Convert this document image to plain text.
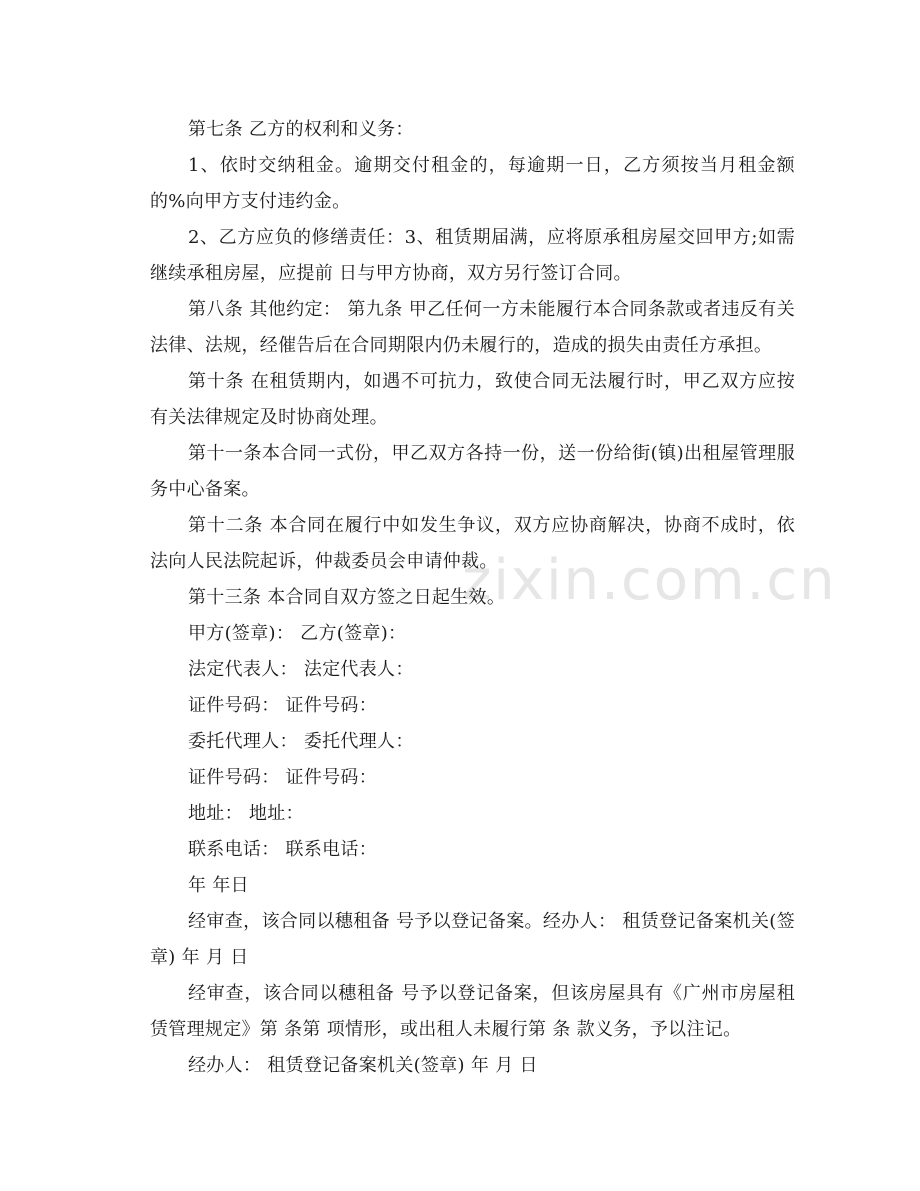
zixin.com.cn

第七条 乙方的权利和义务：

1、依时交纳租金。逾期交付租金的，每逾期一日，乙方须按当月租金额的%向甲方支付违约金。

2、乙方应负的修缮责任：3、租赁期届满，应将原承租房屋交回甲方;如需继续承租房屋，应提前 日与甲方协商，双方另行签订合同。

第八条 其他约定： 第九条 甲乙任何一方未能履行本合同条款或者违反有关法律、法规，经催告后在合同期限内仍未履行的，造成的损失由责任方承担。

第十条 在租赁期内，如遇不可抗力，致使合同无法履行时，甲乙双方应按有关法律规定及时协商处理。

第十一条本合同一式份，甲乙双方各持一份，送一份给街(镇)出租屋管理服务中心备案。

第十二条 本合同在履行中如发生争议，双方应协商解决，协商不成时，依法向人民法院起诉，仲裁委员会申请仲裁。

第十三条 本合同自双方签之日起生效。

甲方(签章)： 乙方(签章)：

法定代表人： 法定代表人：

证件号码： 证件号码：

委托代理人： 委托代理人：

证件号码： 证件号码：

地址： 地址：

联系电话： 联系电话：

年 年日

经审查，该合同以穗租备 号予以登记备案。经办人： 租赁登记备案机关(签章) 年 月 日

经审查，该合同以穗租备 号予以登记备案，但该房屋具有《广州市房屋租赁管理规定》第 条第 项情形，或出租人未履行第 条 款义务，予以注记。

经办人： 租赁登记备案机关(签章) 年 月 日
